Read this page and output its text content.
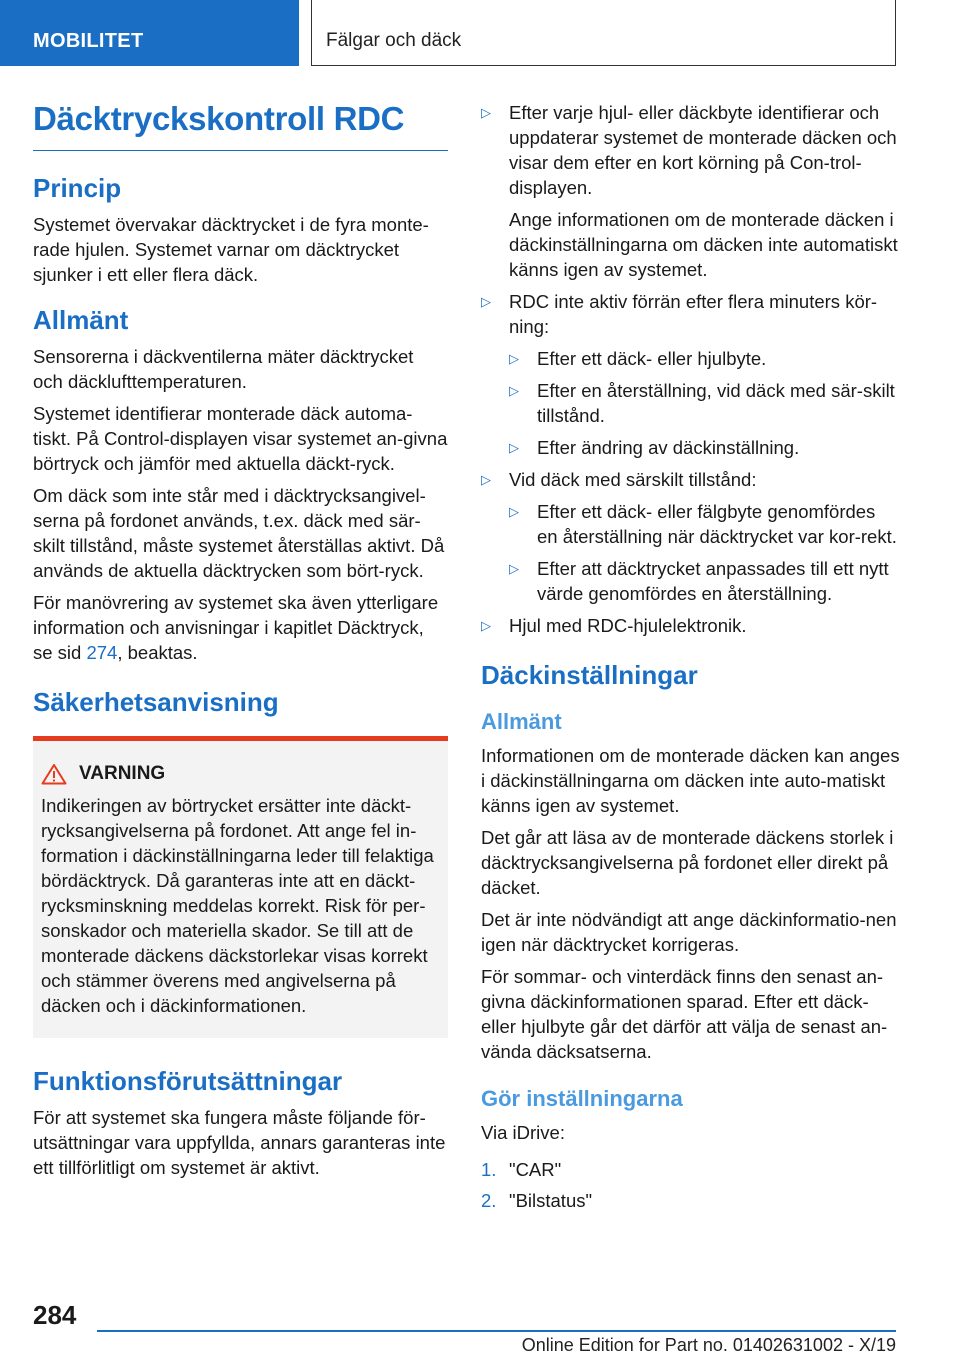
MOBILITET	Fälgar och däck
Däcktryckskontroll RDC
Princip

Systemet övervakar däcktrycket i de fyra monte-rade hjulen. Systemet varnar om däcktrycket sjunker i ett eller flera däck.

Allmänt

Sensorerna i däckventilerna mäter däcktrycket och däcklufttemperaturen.

Systemet identifierar monterade däck automa-tiskt. På Control-displayen visar systemet an-givna börtryck och jämför med aktuella däckt-ryck.

Om däck som inte står med i däcktrycksangivel-serna på fordonet används, t.ex. däck med sär-skilt tillstånd, måste systemet återställas aktivt. Då används de aktuella däcktrycken som bört-ryck.

För manövrering av systemet ska även ytterligare information och anvisningar i kapitlet Däcktryck, se sid 274, beaktas.

Säkerhetsanvisning
VARNING

Indikeringen av börtrycket ersätter inte däckt-rycksangivelserna på fordonet. Att ange fel in-formation i däckinställningarna leder till felaktiga bördäcktryck. Då garanteras inte att en däckt-rycksminskning meddelas korrekt. Risk för per-sonskador och materiella skador. Se till att de monterade däckens däckstorlekar visas korrekt och stämmer överens med angivelserna på däcken och i däckinformationen.

Funktionsförutsättningar

För att systemet ska fungera måste följande för-utsättningar vara uppfyllda, annars garanteras inte ett tillförlitligt om systemet är aktivt.

▷ Efter varje hjul- eller däckbyte identifierar och uppdaterar systemet de monterade däcken och visar dem efter en kort körning på Con-trol-displayen.

Ange informationen om de monterade däcken i däckinställningarna om däcken inte automatiskt känns igen av systemet.

▷ RDC inte aktiv förrän efter flera minuters kör-ning:
▷ Efter ett däck- eller hjulbyte.
▷ Efter en återställning, vid däck med sär-skilt tillstånd.
▷ Efter ändring av däckinställning.
▷ Vid däck med särskilt tillstånd:
▷ Efter ett däck- eller fälgbyte genomfördes en återställning när däcktrycket var kor-rekt.
▷ Efter att däcktrycket anpassades till ett nytt värde genomfördes en återställning.
▷ Hjul med RDC-hjulelektronik.
Däckinställningar
Allmänt

Informationen om de monterade däcken kan anges i däckinställningarna om däcken inte auto-matiskt känns igen av systemet.

Det går att läsa av de monterade däckens storlek i däcktrycksangivelserna på fordonet eller direkt på däcket.

Det är inte nödvändigt att ange däckinformatio-nen igen när däcktrycket korrigeras.

För sommar- och vinterdäck finns den senast an-givna däckinformationen sparad. Efter ett däck-eller hjulbyte går det därför att välja de senast an-vända däcksatserna.

Gör inställningarna

Via iDrive:

1. "CAR"
2. "Bilstatus"
284
Online Edition for Part no. 01402631002 - X/19
